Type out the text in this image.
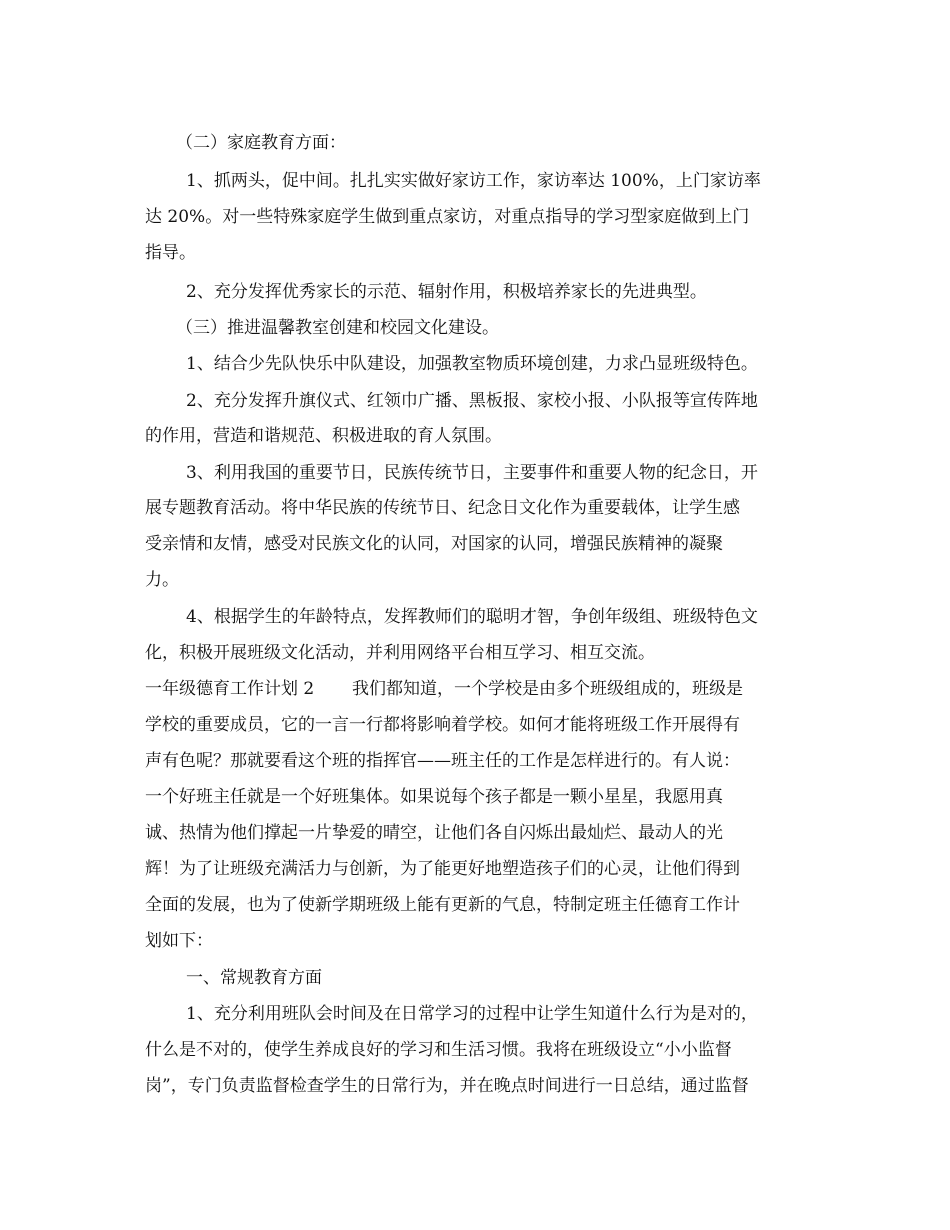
（二）家庭教育方面：
1、抓两头，促中间。扎扎实实做好家访工作，家访率达 100%，上门家访率
达 20%。对一些特殊家庭学生做到重点家访，对重点指导的学习型家庭做到上门
指导。
2、充分发挥优秀家长的示范、辐射作用，积极培养家长的先进典型。
（三）推进温馨教室创建和校园文化建设。
1、结合少先队快乐中队建设，加强教室物质环境创建，力求凸显班级特色。
2、充分发挥升旗仪式、红领巾广播、黑板报、家校小报、小队报等宣传阵地
的作用，营造和谐规范、积极进取的育人氛围。
3、利用我国的重要节日，民族传统节日，主要事件和重要人物的纪念日，开
展专题教育活动。将中华民族的传统节日、纪念日文化作为重要载体，让学生感
受亲情和友情，感受对民族文化的认同，对国家的认同，增强民族精神的凝聚
力。
4、根据学生的年龄特点，发挥教师们的聪明才智，争创年级组、班级特色文
化，积极开展班级文化活动，并利用网络平台相互学习、相互交流。
一年级德育工作计划 2       我们都知道，一个学校是由多个班级组成的，班级是
学校的重要成员，它的一言一行都将影响着学校。如何才能将班级工作开展得有
声有色呢？那就要看这个班的指挥官——班主任的工作是怎样进行的。有人说：
一个好班主任就是一个好班集体。如果说每个孩子都是一颗小星星，我愿用真
诚、热情为他们撑起一片挚爱的晴空，让他们各自闪烁出最灿烂、最动人的光
辉！为了让班级充满活力与创新，为了能更好地塑造孩子们的心灵，让他们得到
全面的发展，也为了使新学期班级上能有更新的气息，特制定班主任德育工作计
划如下：
一、常规教育方面
1、充分利用班队会时间及在日常学习的过程中让学生知道什么行为是对的，
什么是不对的，使学生养成良好的学习和生活习惯。我将在班级设立“小小监督
岗”，专门负责监督检查学生的日常行为，并在晚点时间进行一日总结，通过监督
